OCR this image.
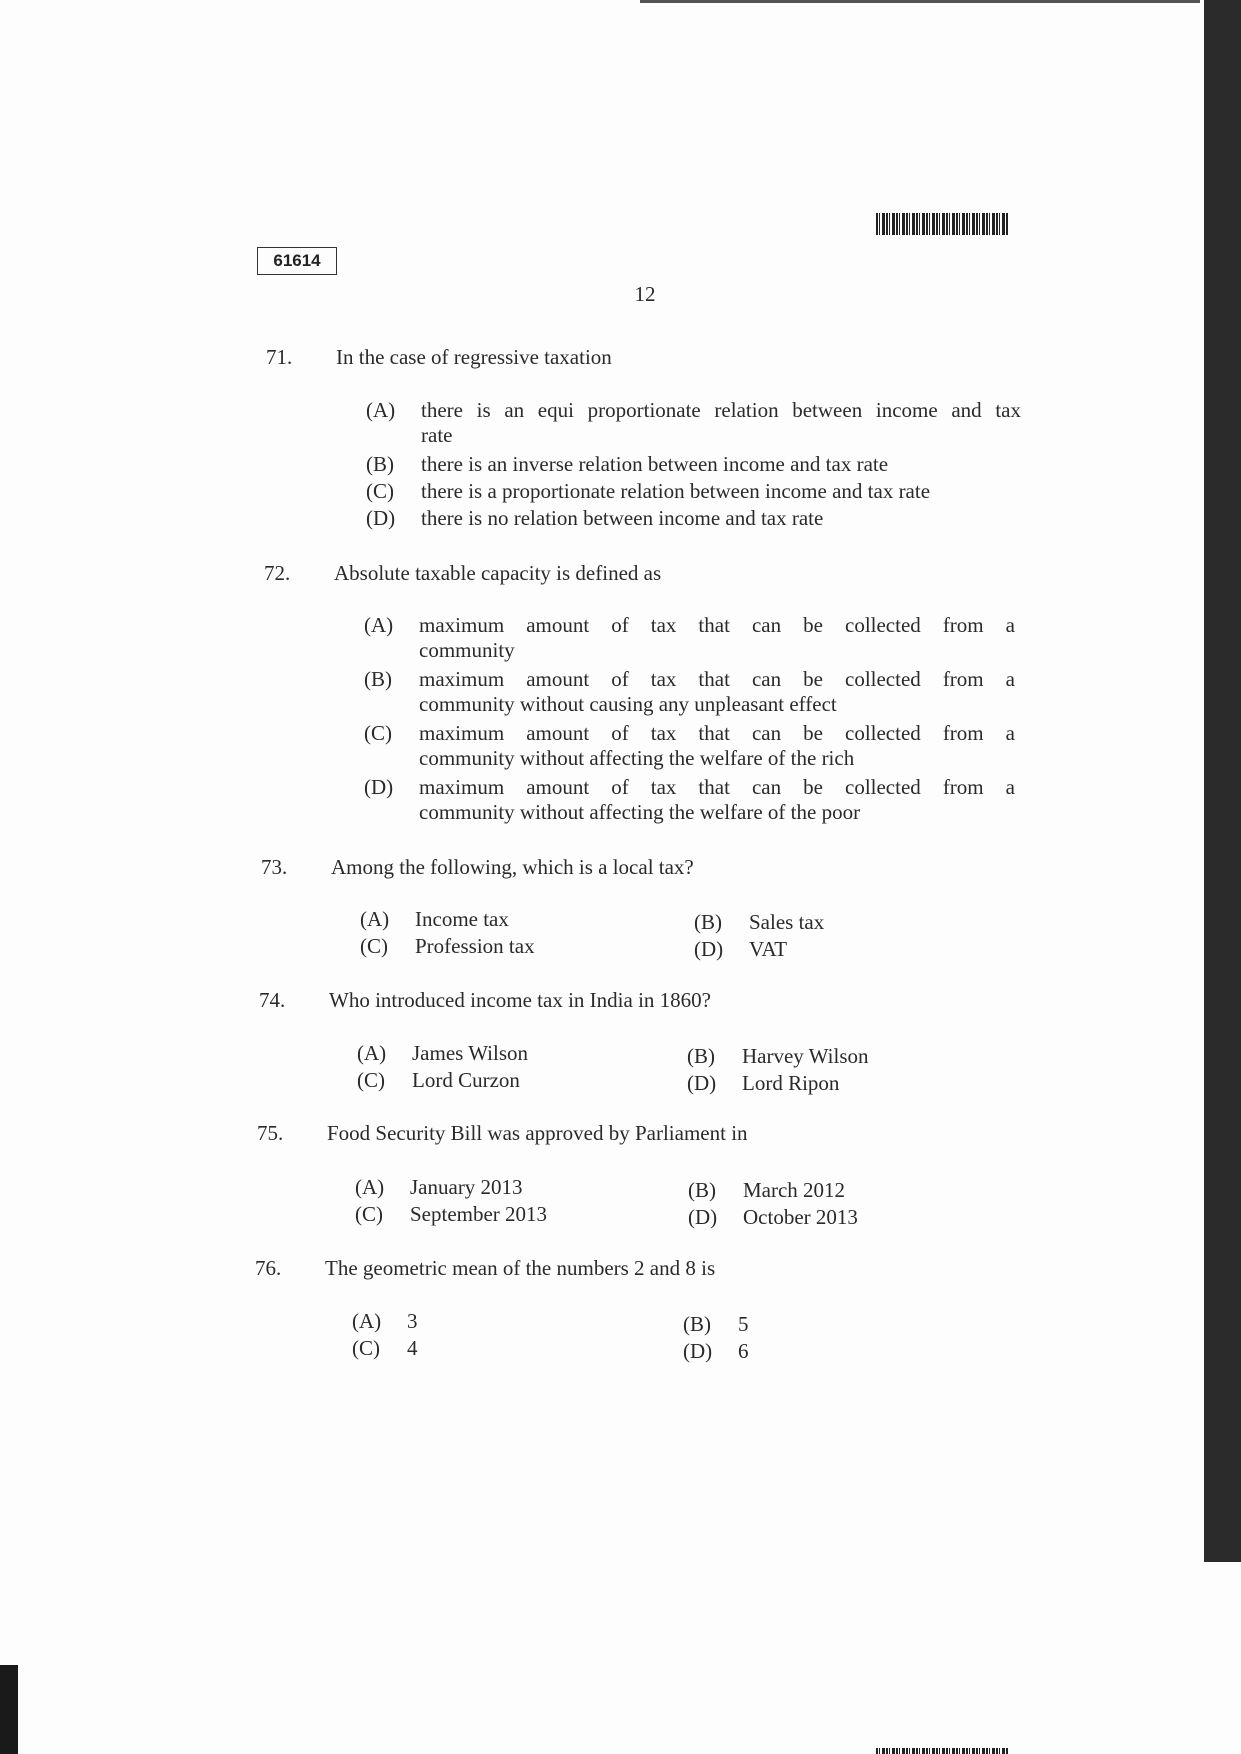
61614
12
71.	In the case of regressive taxation
(A)	there is an equi proportionate relation between income and tax
rate
(B)	there is an inverse relation between income and tax rate
(C)	there is a proportionate relation between income and tax rate
(D)	there is no relation between income and tax rate
72.	Absolute taxable capacity is defined as
(A)	maximum amount of tax that can be collected from a
community
(B)	maximum amount of tax that can be collected from a
community without causing any unpleasant effect
(C)	maximum amount of tax that can be collected from a
community without affecting the welfare of the rich
(D)	maximum amount of tax that can be collected from a
community without affecting the welfare of the poor
73.	Among the following, which is a local tax?
(A)	Income tax	(B)	Sales tax
(C)	Profession tax	(D)	VAT
74.	Who introduced income tax in India in 1860?
(A)	James Wilson	(B)	Harvey Wilson
(C)	Lord Curzon	(D)	Lord Ripon
75.	Food Security Bill was approved by Parliament in
(A)	January 2013	(B)	March 2012
(C)	September 2013	(D)	October 2013
76.	The geometric mean of the numbers 2 and 8 is
(A)	3	(B)	5
(C)	4	(D)	6
